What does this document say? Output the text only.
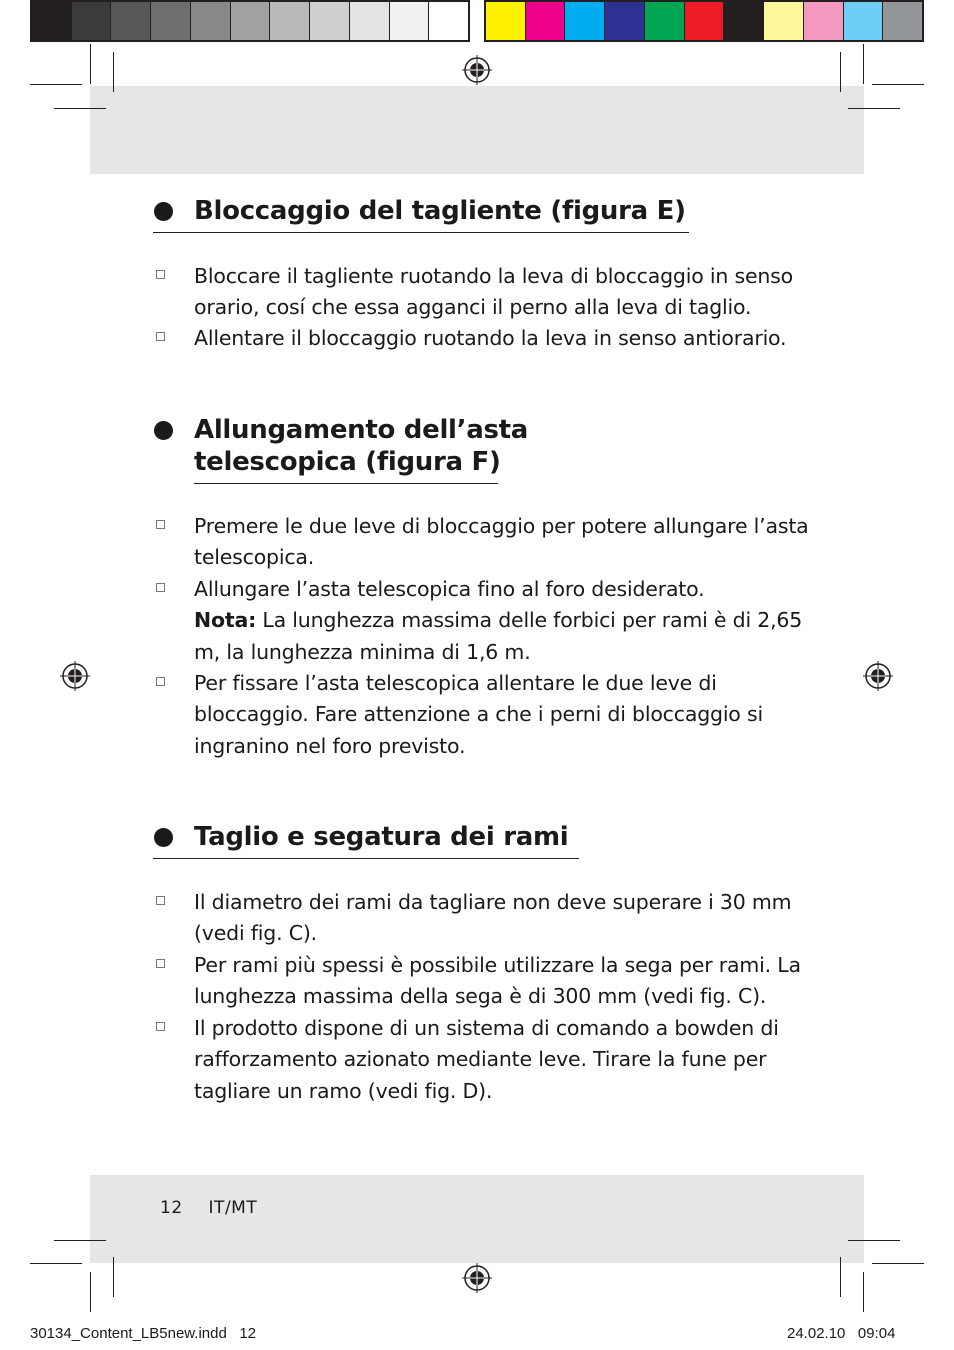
Bloccaggio del tagliente (figura E)
Bloccare il tagliente ruotando la leva di bloccaggio in senso orario, cosí che essa agganci il perno alla leva di taglio.
Allentare il bloccaggio ruotando la leva in senso antiorario.
Allungamento dell’asta
telescopica (figura F)
Premere le due leve di bloccaggio per potere allungare l’asta telescopica.
Allungare l’asta telescopica fino al foro desiderato.
Nota: La lunghezza massima delle forbici per rami è di 2,65 m, la lunghezza minima di 1,6 m.
Per fissare l’asta telescopica allentare le due leve di bloccaggio. Fare attenzione a che i perni di bloccaggio si ingranino nel foro previsto.
Taglio e segatura dei rami
Il diametro dei rami da tagliare non deve superare i 30 mm (vedi fig. C).
Per rami più spessi è possibile utilizzare la sega per rami. La lunghezza massima della sega è di 300 mm (vedi fig. C).
Il prodotto dispone di un sistema di comando a bowden di rafforzamento azionato mediante leve. Tirare la fune per tagliare un ramo (vedi fig. D).
12 IT/MT
30134_Content_LB5new.indd   12	24.02.10   09:04
